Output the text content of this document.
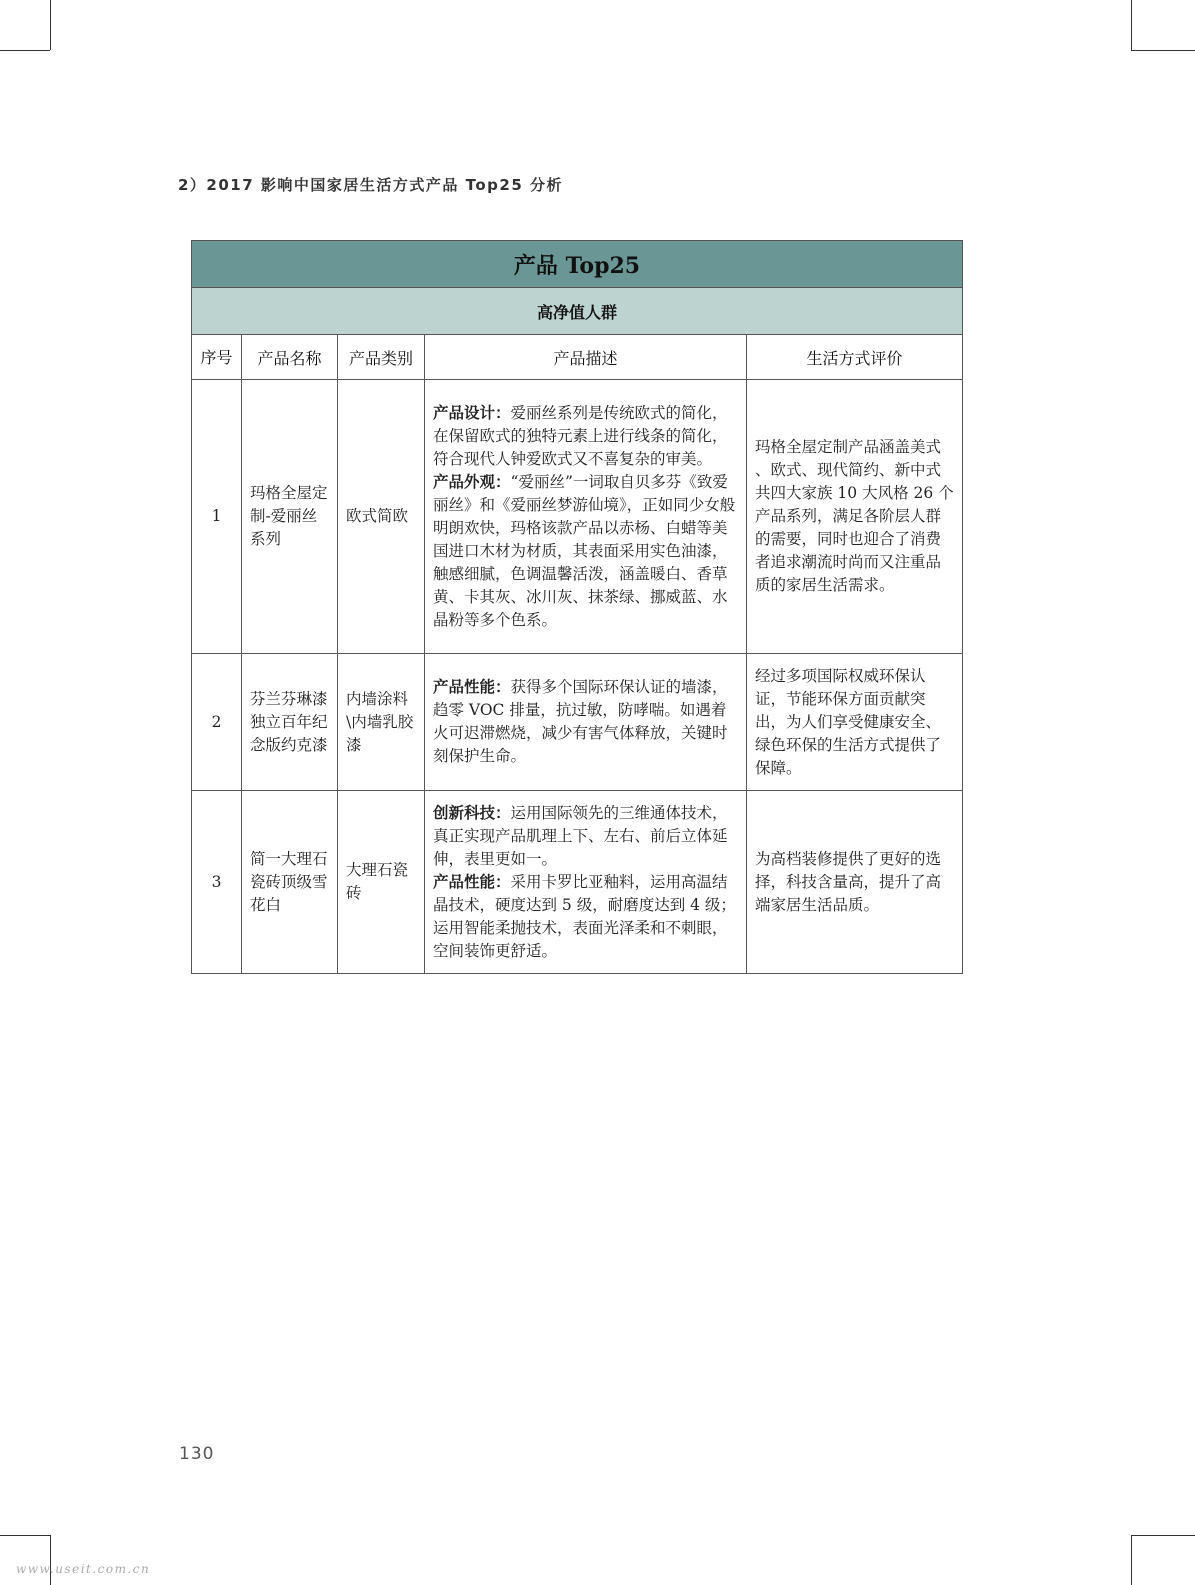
2）2017 影响中国家居生活方式产品 Top25 分析
产品 Top25				
高净值人群				
序号	产品名称	产品类别	产品描述	生活方式评价
1	玛格全屋定制-爱丽丝系列	欧式简欧	产品设计：爱丽丝系列是传统欧式的简化，在保留欧式的独特元素上进行线条的简化，符合现代人钟爱欧式又不喜复杂的审美。
产品外观：“爱丽丝”一词取自贝多芬《致爱丽丝》和《爱丽丝梦游仙境》，正如同少女般明朗欢快，玛格该款产品以赤杨、白蜡等美国进口木材为材质，其表面采用实色油漆，触感细腻，色调温馨活泼，涵盖暖白、香草黄、卡其灰、冰川灰、抹茶绿、挪威蓝、水晶粉等多个色系。	玛格全屋定制产品涵盖美式 、欧式、现代简约、新中式共四大家族 10 大风格 26 个产品系列，满足各阶层人群的需要，同时也迎合了消费者追求潮流时尚而又注重品质的家居生活需求。
2	芬兰芬琳漆独立百年纪念版约克漆	内墙涂料\内墙乳胶漆	产品性能：获得多个国际环保认证的墙漆，趋零 VOC 排量，抗过敏，防哮喘。如遇着火可迟滞燃烧，减少有害气体释放，关键时刻保护生命。	经过多项国际权威环保认证，节能环保方面贡献突出，为人们享受健康安全、绿色环保的生活方式提供了保障。
3	简一大理石瓷砖顶级雪花白	大理石瓷砖	创新科技：运用国际领先的三维通体技术，真正实现产品肌理上下、左右、前后立体延伸，表里更如一。
产品性能：采用卡罗比亚釉料，运用高温结晶技术，硬度达到 5 级，耐磨度达到 4 级；运用智能柔抛技术，表面光泽柔和不刺眼，空间装饰更舒适。	为高档装修提供了更好的选择，科技含量高，提升了高端家居生活品质。
130
www.useit.com.cn
